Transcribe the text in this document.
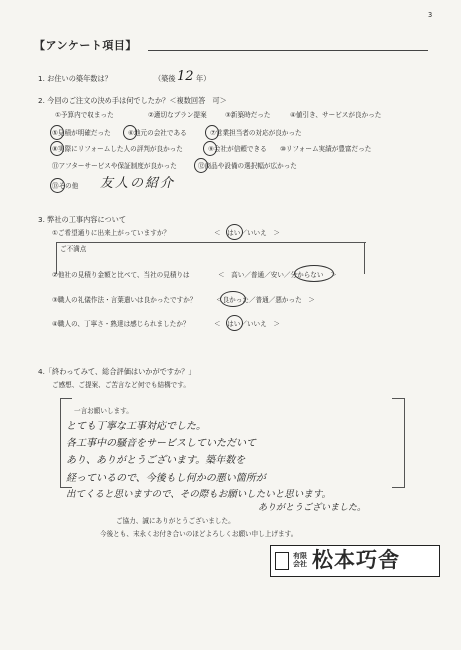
3
【アンケート項目】
1. お住いの築年数は？	（築後 12 年）
2. 今回のご注文の決め手は何でしたか？＜複数回答　可＞
①予算内で収まった	②適切なプラン提案	③新築時だった	④値引き、サービスが良かった
⑤見積が明確だった	⑥地元の会社である	⑦営業担当者の対応が良かった
⑧実際にリフォームした人の評判が良かった	⑨会社が信頼できる ⑩リフォーム実績が豊富だった
⑪アフターサービスや保証制度が良かった	⑫商品や設備の選択幅が広かった
⑬その他 友人の紹介
3. 弊社の工事内容について
①ご希望通りに出来上がっていますか？	＜　はい／いいえ　＞
ご不満点
②他社の見積り金額と比べて、当社の見積りは	＜　高い／普通／安い／分からない　＞
③職人の礼儀作法・言葉遣いは良かったですか？	＜良かった／普通／悪かった　＞
④職人の、丁寧さ・熟達は感じられましたか？	＜　はい／いいえ　＞
4.「終わってみて、総合評価はいかがですか？」
ご感想、ご提案、ご苦言など何でも結構です。
一言お願いします。
とても丁寧な工事対応でした。
各工事中の騒音をサービスしていただいて
あり、ありがとうございます。築年数を
経っているので、今後もし何かの悪い箇所が
出てくると思いますので、その際もお願いしたいと思います。
ありがとうございました。
ご協力、誠にありがとうございました。
今後とも、末永くお付き合いのほどよろしくお願い申し上げます。
有限会社 松本巧舎
